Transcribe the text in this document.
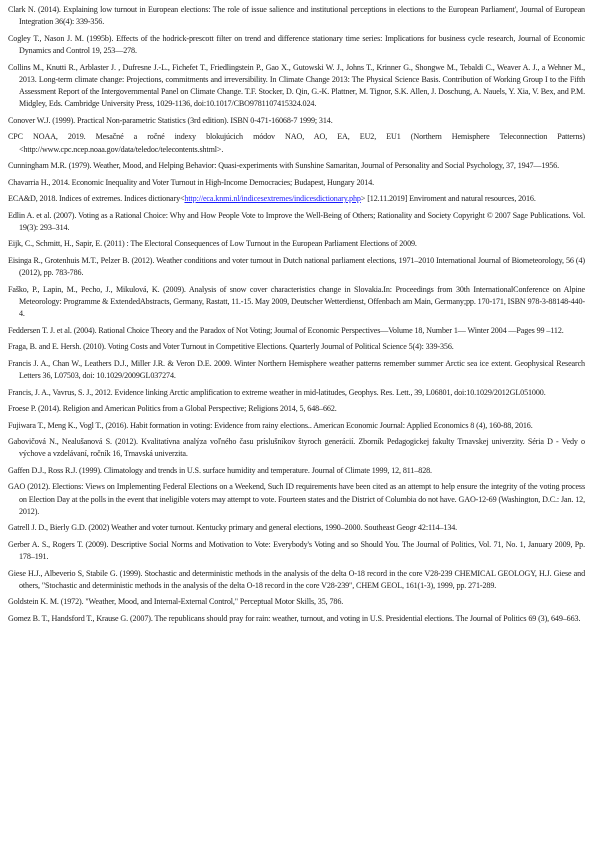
Clark N. (2014). Explaining low turnout in European elections: The role of issue salience and institutional perceptions in elections to the European Parliament', Journal of European Integration 36(4): 339-356.

Cogley T., Nason J. M. (1995b). Effects of the hodrick-prescott filter on trend and difference stationary time series: Implications for business cycle research, Journal of Economic Dynamics and Control 19, 253—278.

Collins M., Knutti R., Arblaster J. , Dufresne J.-L., Fichefet T., Friedlingstein P., Gao X., Gutowski W. J., Johns T., Krinner G., Shongwe M., Tebaldi C., Weaver A. J., a Wehner M., 2013. Long-term climate change: Projections, commitments and irreversibility. In Climate Change 2013: The Physical Science Basis. Contribution of Working Group I to the Fifth Assessment Report of the Intergovernmental Panel on Climate Change. T.F. Stocker, D. Qin, G.-K. Plattner, M. Tignor, S.K. Allen, J. Doschung, A. Nauels, Y. Xia, V. Bex, and P.M. Midgley, Eds. Cambridge University Press, 1029-1136, doi:10.1017/CBO9781107415324.024.

Conover W.J. (1999). Practical Non-parametric Statistics (3rd edition). ISBN 0-471-16068-7 1999; 314.

CPC NOAA, 2019. Mesačné a ročné indexy blokujúcich módov NAO, AO, EA, EU2, EU1 (Northern Hemisphere Teleconnection Patterns) <http://www.cpc.ncep.noaa.gov/data/teledoc/telecontents.shtml>.

Cunningham M.R. (1979). Weather, Mood, and Helping Behavior: Quasi-experiments with Sunshine Samaritan, Journal of Personality and Social Psychology, 37, 1947—1956.

Chavarria H., 2014. Economic Inequality and Voter Turnout in High-Income Democracies; Budapest, Hungary 2014.

ECA&D, 2018. Indices of extremes. Indices dictionary<http://eca.knmi.nl/indicesextremes/indicesdictionary.php> [12.11.2019] Enviroment and natural resources, 2016.

Edlin A. et al. (2007). Voting as a Rational Choice: Why and How People Vote to Improve the Well-Being of Others; Rationality and Society Copyright © 2007 Sage Publications. Vol. 19(3): 293–314.

Eijk, C., Schmitt, H., Sapir, E. (2011) : The Electoral Consequences of Low Turnout in the European Parliament Elections of 2009.

Eisinga R., Grotenhuis M.T., Pelzer B. (2012). Weather conditions and voter turnout in Dutch national parliament elections, 1971–2010 International Journal of Biometeorology, 56 (4) (2012), pp. 783-786.

Faško, P., Lapin, M., Pecho, J., Mikulová, K. (2009). Analysis of snow cover characteristics change in Slovakia.In: Proceedings from 30th InternationalConference on Alpine Meteorology: Programme & ExtendedAbstracts, Germany, Rastatt, 11.-15. May 2009, Deutscher Wetterdienst, Offenbach am Main, Germany;pp. 170-171, ISBN 978-3-88148-440-4.

Feddersen T. J. et al. (2004). Rational Choice Theory and the Paradox of Not Voting; Journal of Economic Perspectives—Volume 18, Number 1— Winter 2004 —Pages 99 –112.

Fraga, B. and E. Hersh. (2010). Voting Costs and Voter Turnout in Competitive Elections. Quarterly Journal of Political Science 5(4): 339-356.

Francis J. A., Chan W., Leathers D.J., Miller J.R. & Veron D.E. 2009. Winter Northern Hemisphere weather patterns remember summer Arctic sea ice extent. Geophysical Research Letters 36, L07503, doi: 10.1029/2009GL037274.

Francis, J. A., Vavrus, S. J., 2012. Evidence linking Arctic amplification to extreme weather in mid-latitudes, Geophys. Res. Lett., 39, L06801, doi:10.1029/2012GL051000.

Froese P. (2014). Religion and American Politics from a Global Perspective; Religions 2014, 5, 648–662.

Fujiwara T., Meng K., Vogl T., (2016). Habit formation in voting: Evidence from rainy elections.. American Economic Journal: Applied Economics 8 (4), 160-88, 2016.

Gabovičová N., Nealušanová S. (2012). Kvalitatívna analýza voľného času príslušníkov štyroch generácií. Zborník Pedagogickej fakulty Trnavskej univerzity. Séria D - Vedy o výchove a vzdelávaní, ročník 16, Trnavská univerzita.

Gaffen D.J., Ross R.J. (1999). Climatology and trends in U.S. surface humidity and temperature. Journal of Climate 1999, 12, 811–828.

GAO (2012). Elections: Views on Implementing Federal Elections on a Weekend, Such ID requirements have been cited as an attempt to help ensure the integrity of the voting process on Election Day at the polls in the event that ineligible voters may attempt to vote. Fourteen states and the District of Columbia do not have. GAO-12-69 (Washington, D.C.: Jan. 12, 2012).

Gatrell J. D., Bierly G.D. (2002) Weather and voter turnout. Kentucky primary and general elections, 1990–2000. Southeast Geogr 42:114–134.

Gerber A. S., Rogers T. (2009). Descriptive Social Norms and Motivation to Vote: Everybody's Voting and so Should You. The Journal of Politics, Vol. 71, No. 1, January 2009, Pp. 178–191.

Giese H.J., Albeverio S, Stabile G. (1999). Stochastic and deterministic methods in the analysis of the delta O-18 record in the core V28-239 CHEMICAL GEOLOGY, H.J. Giese and others, "Stochastic and deterministic methods in the analysis of the delta O-18 record in the core V28-239", CHEM GEOL, 161(1-3), 1999, pp. 271-289.

Goldstein K. M. (1972). "Weather, Mood, and Internal-External Control," Perceptual Motor Skills, 35, 786.

Gomez B. T., Handsford T., Krause G. (2007). The republicans should pray for rain: weather, turnout, and voting in U.S. Presidential elections. The Journal of Politics 69 (3), 649–663.
